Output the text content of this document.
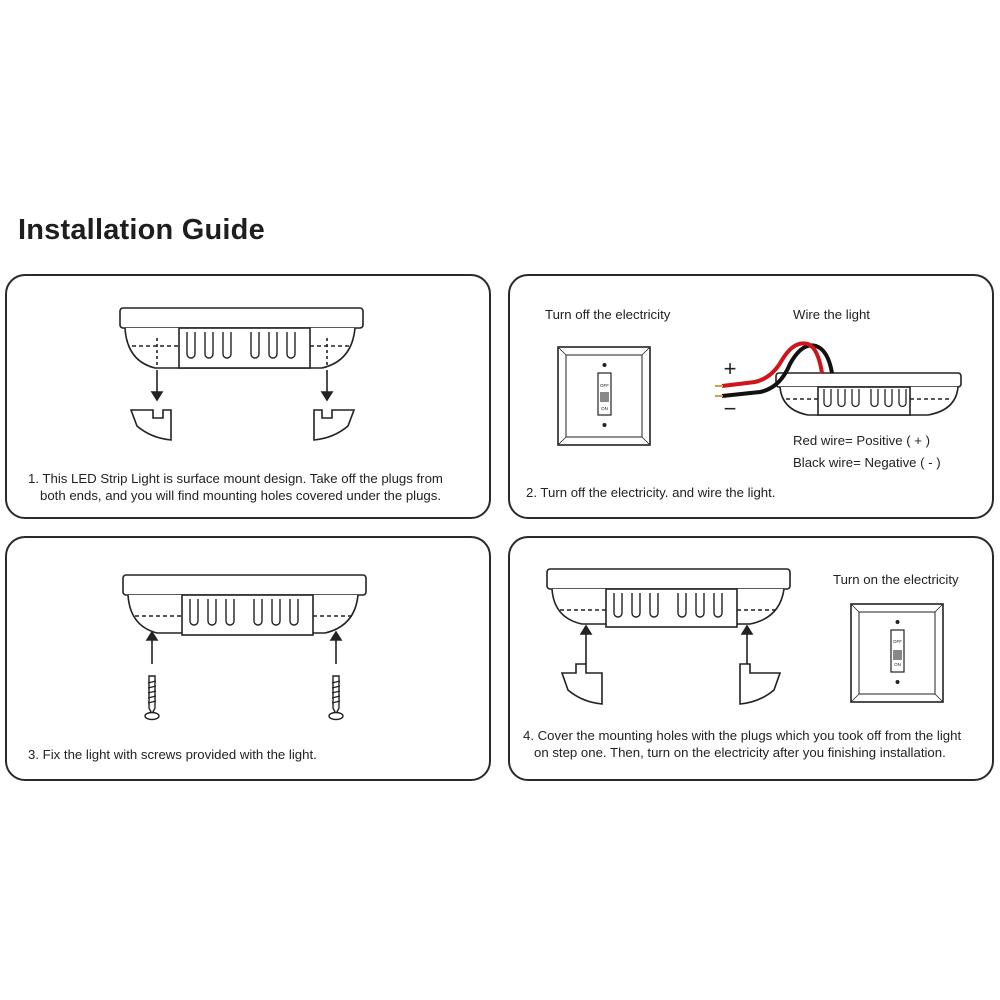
Installation Guide
1. This LED Strip Light is surface mount design. Take off the plugs from
both ends, and you will find mounting holes covered under the plugs.
Turn off the electricity	Wire the light
OFF
ON
+
−
Red wire= Positive ( + )
Black wire= Negative ( - )
2. Turn off the electricity. and wire the light.
3. Fix the light with screws provided with the light.
Turn on the electricity
OFF
ON
4. Cover the mounting holes with the plugs which you took off from the light
on step one. Then, turn on the electricity after you finishing installation.
